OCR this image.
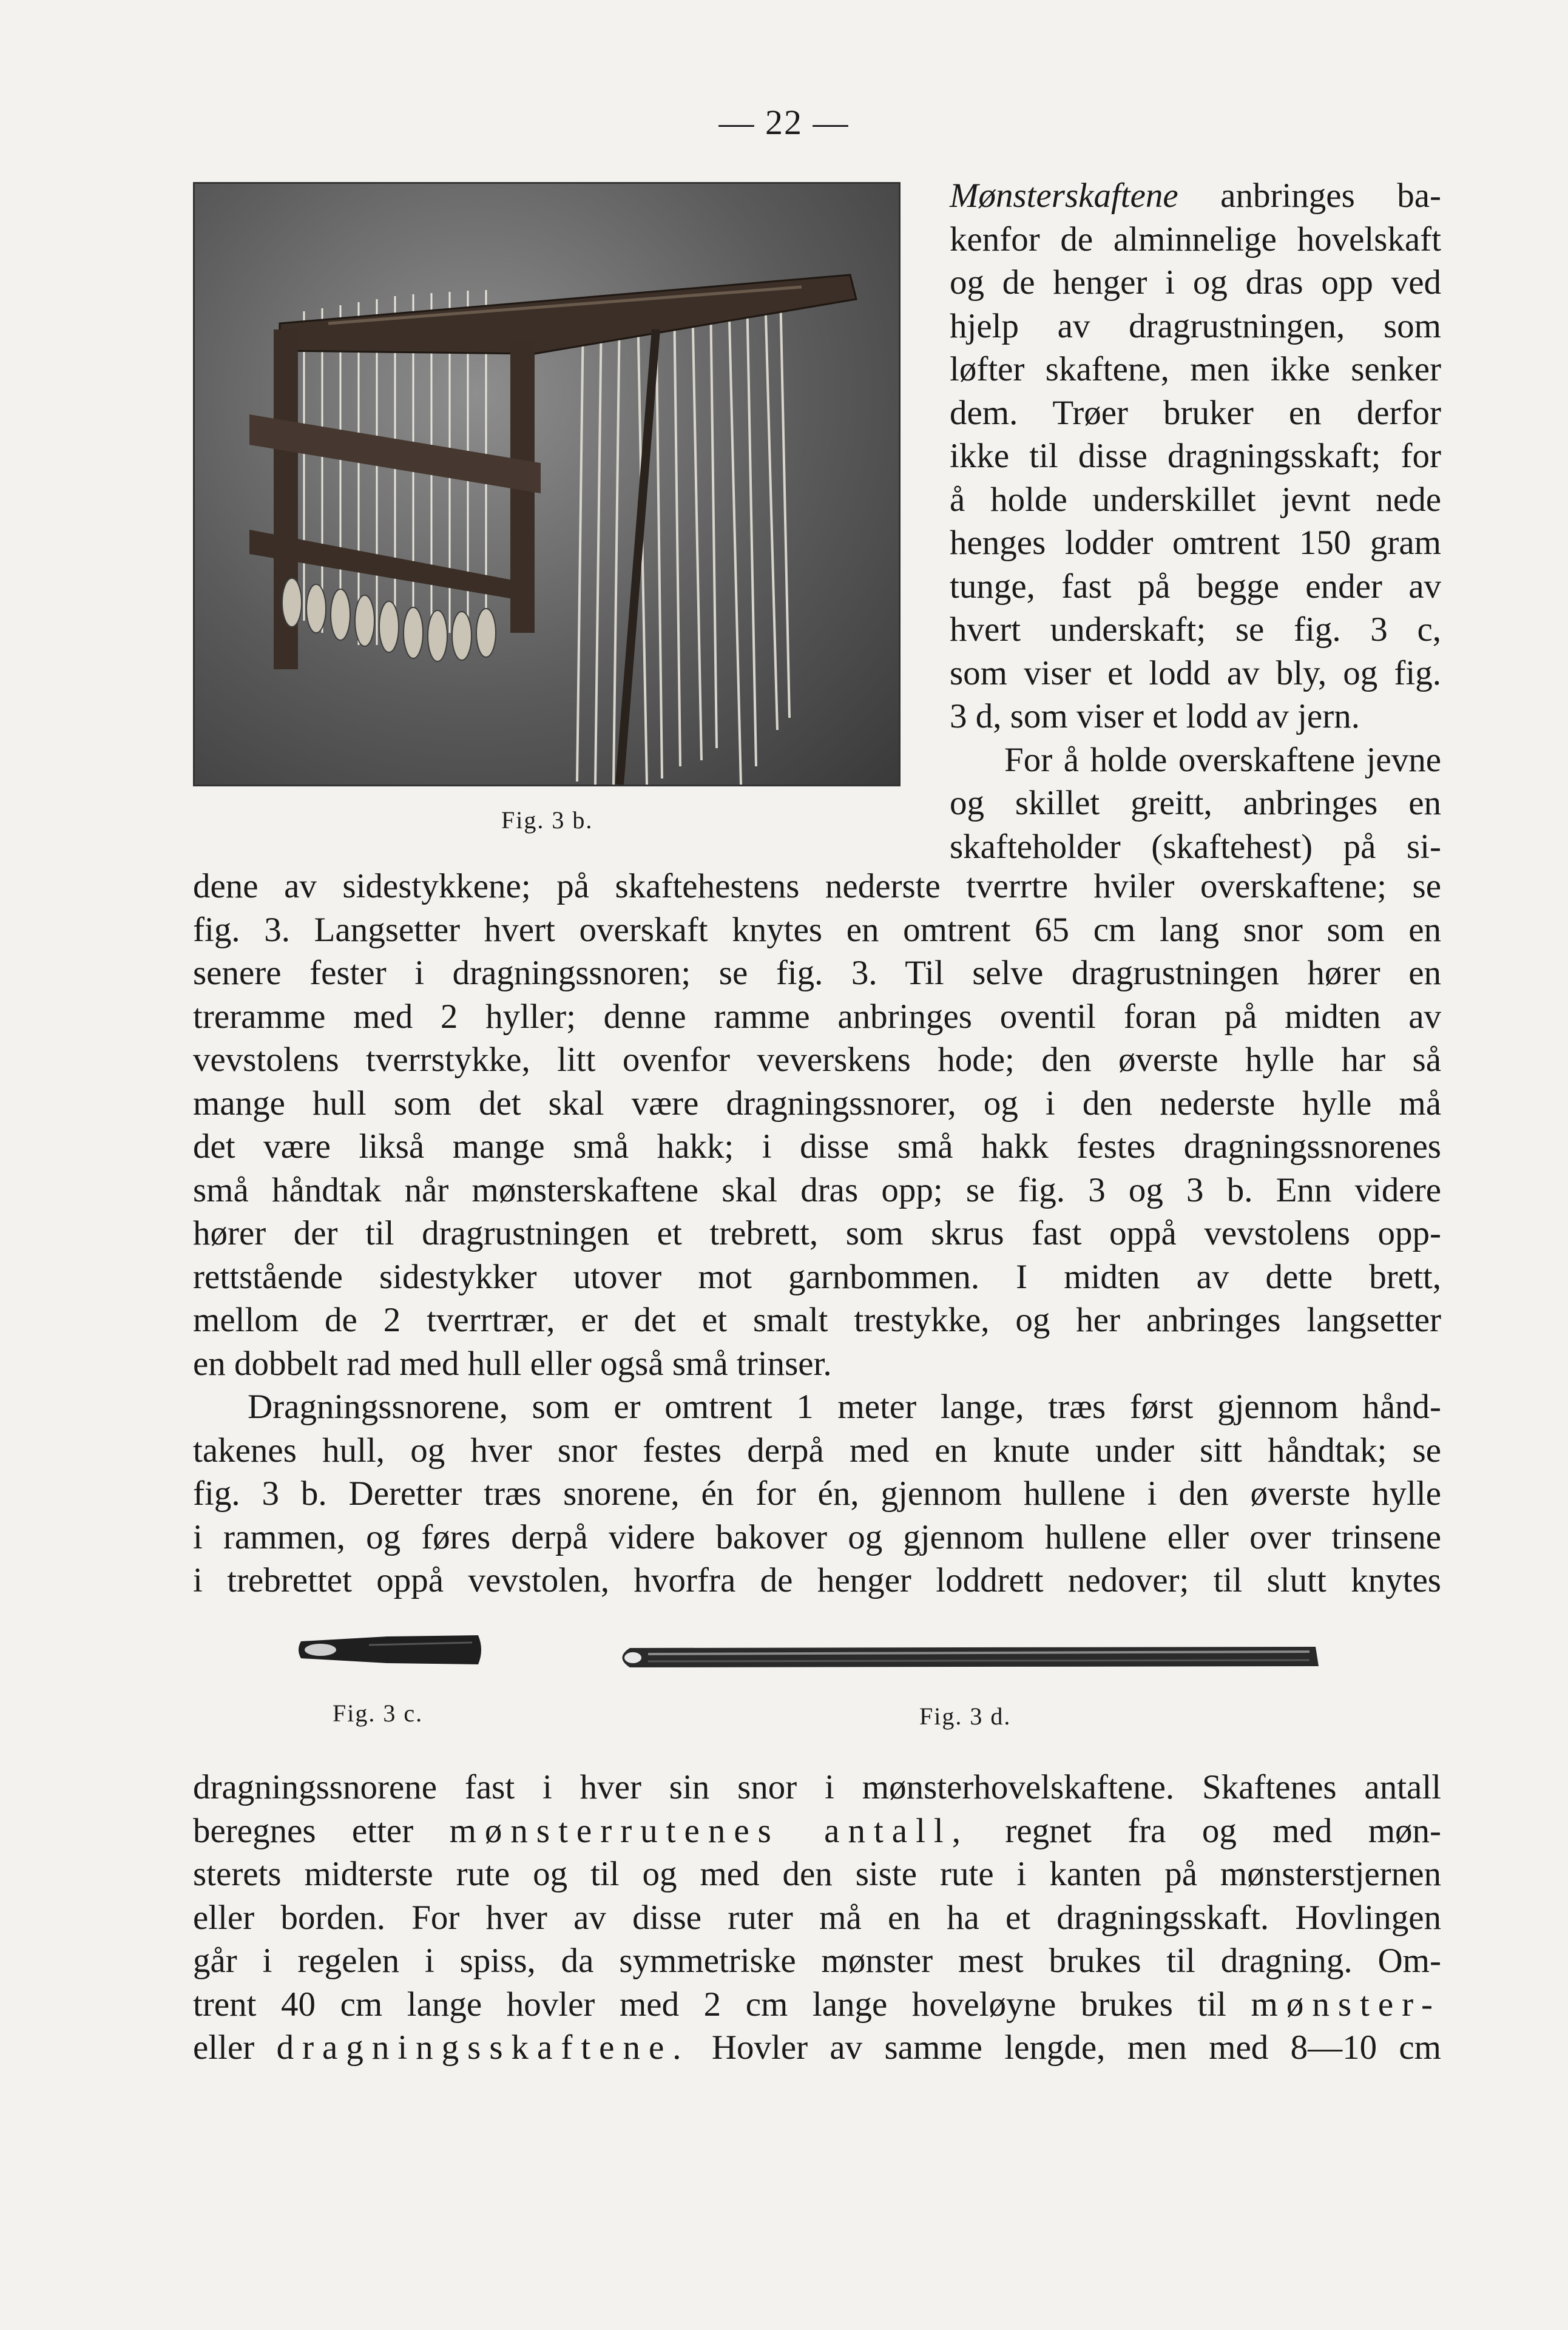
— 22 —
Fig. 3 b.
Mønsterskaftene anbringes ba-
kenfor de alminnelige hovelskaft
og de henger i og dras opp ved
hjelp av dragrustningen, som
løfter skaftene, men ikke senker
dem. Trøer bruker en derfor
ikke til disse dragningsskaft; for
å holde underskillet jevnt nede
henges lodder omtrent 150 gram
tunge, fast på begge ender av
hvert underskaft; se fig. 3 c,
som viser et lodd av bly, og fig.
3 d, som viser et lodd av jern.
For å holde overskaftene jevne
og skillet greitt, anbringes en
skafteholder (skaftehest) på si-
dene av sidestykkene; på skaftehestens nederste tverrtre hviler overskaftene; se
fig. 3. Langsetter hvert overskaft knytes en omtrent 65 cm lang snor som en
senere fester i dragningssnoren; se fig. 3. Til selve dragrustningen hører en
treramme med 2 hyller; denne ramme anbringes oventil foran på midten av
vevstolens tverrstykke, litt ovenfor veverskens hode; den øverste hylle har så
mange hull som det skal være dragningssnorer, og i den nederste hylle må
det være likså mange små hakk; i disse små hakk festes dragningssnorenes
små håndtak når mønsterskaftene skal dras opp; se fig. 3 og 3 b. Enn videre
hører der til dragrustningen et trebrett, som skrus fast oppå vevstolens opp-
rettstående sidestykker utover mot garnbommen. I midten av dette brett,
mellom de 2 tverrtrær, er det et smalt trestykke, og her anbringes langsetter
en dobbelt rad med hull eller også små trinser.
Dragningssnorene, som er omtrent 1 meter lange, træs først gjennom hånd-
takenes hull, og hver snor festes derpå med en knute under sitt håndtak; se
fig. 3 b. Deretter træs snorene, én for én, gjennom hullene i den øverste hylle
i rammen, og føres derpå videre bakover og gjennom hullene eller over trinsene
i trebrettet oppå vevstolen, hvorfra de henger loddrett nedover; til slutt knytes
Fig. 3 c.	Fig. 3 d.
dragningssnorene fast i hver sin snor i mønsterhovelskaftene. Skaftenes antall
beregnes etter mønsterrutenes antall, regnet fra og med møn-
sterets midterste rute og til og med den siste rute i kanten på mønsterstjernen
eller borden. For hver av disse ruter må en ha et dragningsskaft. Hovlingen
går i regelen i spiss, da symmetriske mønster mest brukes til dragning. Om-
trent 40 cm lange hovler med 2 cm lange hoveløyne brukes til mønster-
eller dragningsskaftene. Hovler av samme lengde, men med 8—10 cm
